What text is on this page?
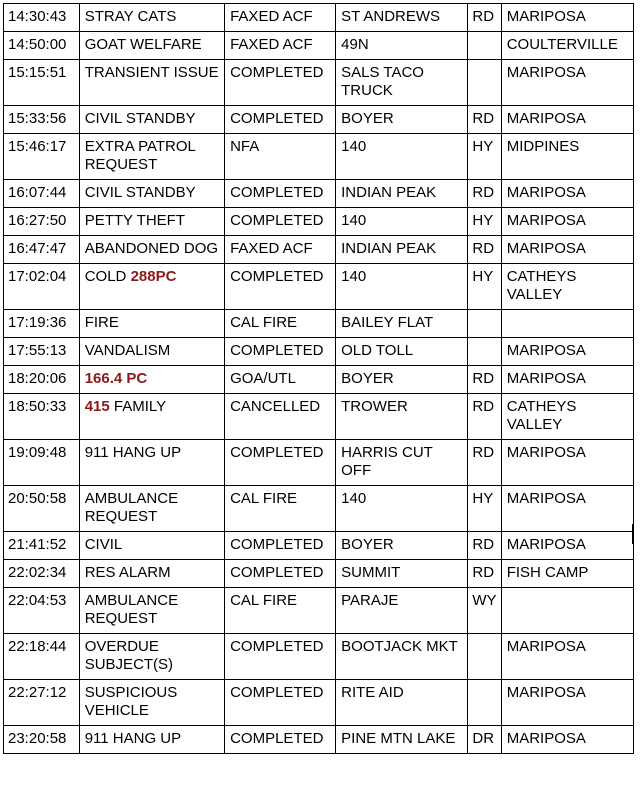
14:30:43	STRAY CATS	FAXED ACF	ST ANDREWS	RD	MARIPOSA
14:50:00	GOAT WELFARE	FAXED ACF	49N		COULTERVILLE
15:15:51	TRANSIENT ISSUE	COMPLETED	SALS TACO TRUCK		MARIPOSA
15:33:56	CIVIL STANDBY	COMPLETED	BOYER	RD	MARIPOSA
15:46:17	EXTRA PATROL REQUEST	NFA	140	HY	MIDPINES
16:07:44	CIVIL STANDBY	COMPLETED	INDIAN PEAK	RD	MARIPOSA
16:27:50	PETTY THEFT	COMPLETED	140	HY	MARIPOSA
16:47:47	ABANDONED DOG	FAXED ACF	INDIAN PEAK	RD	MARIPOSA
17:02:04	COLD 288PC	COMPLETED	140	HY	CATHEYS VALLEY
17:19:36	FIRE	CAL FIRE	BAILEY FLAT		
17:55:13	VANDALISM	COMPLETED	OLD TOLL		MARIPOSA
18:20:06	166.4 PC	GOA/UTL	BOYER	RD	MARIPOSA
18:50:33	415 FAMILY	CANCELLED	TROWER	RD	CATHEYS VALLEY
19:09:48	911 HANG UP	COMPLETED	HARRIS CUT OFF	RD	MARIPOSA
20:50:58	AMBULANCE REQUEST	CAL FIRE	140	HY	MARIPOSA
21:41:52	CIVIL	COMPLETED	BOYER	RD	MARIPOSA
22:02:34	RES ALARM	COMPLETED	SUMMIT	RD	FISH CAMP
22:04:53	AMBULANCE REQUEST	CAL FIRE	PARAJE	WY	
22:18:44	OVERDUE SUBJECT(S)	COMPLETED	BOOTJACK MKT		MARIPOSA
22:27:12	SUSPICIOUS VEHICLE	COMPLETED	RITE AID		MARIPOSA
23:20:58	911 HANG UP	COMPLETED	PINE MTN LAKE	DR	MARIPOSA
